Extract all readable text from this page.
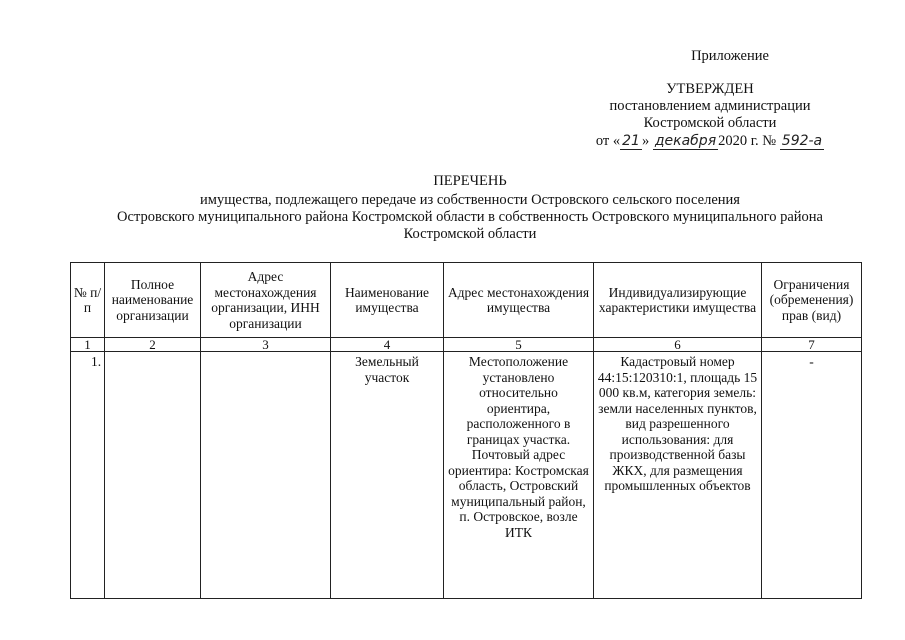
Приложение
УТВЕРЖДЕН
постановлением администрации
Костромской области
от « 21 » декабря 2020 г. № 592-а
ПЕРЕЧЕНЬ
имущества, подлежащего передаче из собственности Островского сельского поселения
Островского муниципального района Костромской области в собственность Островского муниципального района
Костромской области
№ п/п	Полное наименование организации	Адрес местонахождения организации, ИНН организации	Наименование имущества	Адрес местонахождения имущества	Индивидуализирующие характеристики имущества	Ограничения (обременения) прав (вид)
1	2	3	4	5	6	7
1.			Земельный участок	Местоположение установлено относительно ориентира, расположенного в границах участка. Почтовый адрес ориентира: Костромская область, Островский муниципальный район, п. Островское, возле ИТК	Кадастровый номер 44:15:120310:1, площадь 15 000 кв.м, категория земель: земли населенных пунктов, вид разрешенного использования: для производственной базы ЖКХ, для размещения промышленных объектов	-
